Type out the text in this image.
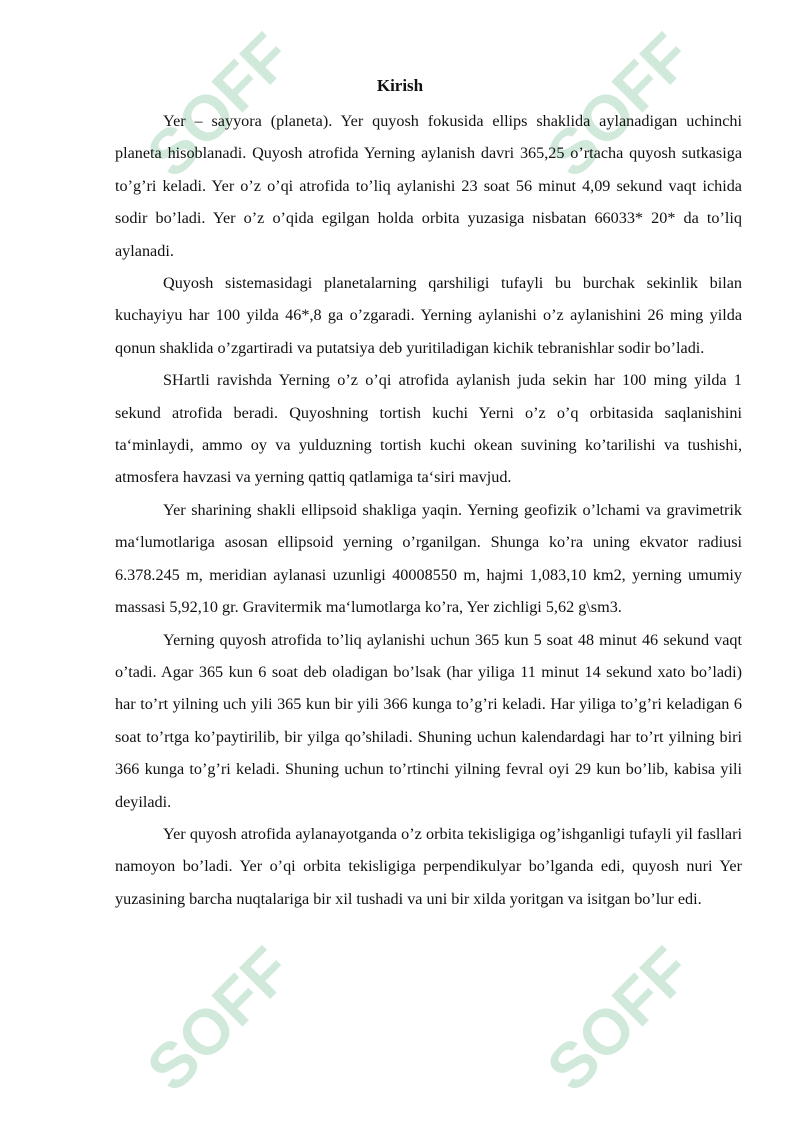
SOFF	SOFF
SOFF	SOFF
Kirish

Yer – sayyora (planeta). Yer quyosh fokusida ellips shaklida aylanadigan uchinchi planeta hisoblanadi. Quyosh atrofida Yerning aylanish davri 365,25 o’rtacha quyosh sutkasiga to’g’ri keladi. Yer o’z o’qi atrofida to’liq aylanishi 23 soat 56 minut 4,09 sekund vaqt ichida sodir bo’ladi. Yer o’z o’qida egilgan holda orbita yuzasiga nisbatan 66033* 20* da to’liq aylanadi.

Quyosh sistemasidagi planetalarning qarshiligi tufayli bu burchak sekinlik bilan kuchayiyu har 100 yilda 46*,8 ga o’zgaradi. Yerning aylanishi o’z aylanishini 26 ming yilda qonun shaklida o’zgartiradi va putatsiya deb yuritiladigan kichik tebranishlar sodir bo’ladi.

SHartli ravishda Yerning o’z o’qi atrofida aylanish juda sekin har 100 ming yilda 1 sekund atrofida beradi. Quyoshning tortish kuchi Yerni o’z o’q orbitasida saqlanishini ta‘minlaydi, ammo oy va yulduzning tortish kuchi okean suvining ko’tarilishi va tushishi, atmosfera havzasi va yerning qattiq qatlamiga ta‘siri mavjud.

Yer sharining shakli ellipsoid shakliga yaqin. Yerning geofizik o’lchami va gravimetrik ma‘lumotlariga asosan ellipsoid yerning o’rganilgan. Shunga ko’ra uning ekvator radiusi 6.378.245 m, meridian aylanasi uzunligi 40008550 m, hajmi 1,083,10 km2, yerning umumiy massasi 5,92,10 gr. Gravitermik ma‘lumotlarga ko’ra, Yer zichligi 5,62 g\sm3.

Yerning quyosh atrofida to’liq aylanishi uchun 365 kun 5 soat 48 minut 46 sekund vaqt o’tadi. Agar 365 kun 6 soat deb oladigan bo’lsak (har yiliga 11 minut 14 sekund xato bo’ladi) har to’rt yilning uch yili 365 kun bir yili 366 kunga to’g’ri keladi. Har yiliga to’g’ri keladigan 6 soat to’rtga ko’paytirilib, bir yilga qo’shiladi. Shuning uchun kalendardagi har to’rt yilning biri 366 kunga to’g’ri keladi. Shuning uchun to’rtinchi yilning fevral oyi 29 kun bo’lib, kabisa yili deyiladi.

Yer quyosh atrofida aylanayotganda o’z orbita tekisligiga og’ishganligi tufayli yil fasllari namoyon bo’ladi. Yer o’qi orbita tekisligiga perpendikulyar bo’lganda edi, quyosh nuri Yer yuzasining barcha nuqtalariga bir xil tushadi va uni bir xilda yoritgan va isitgan bo’lur edi.
